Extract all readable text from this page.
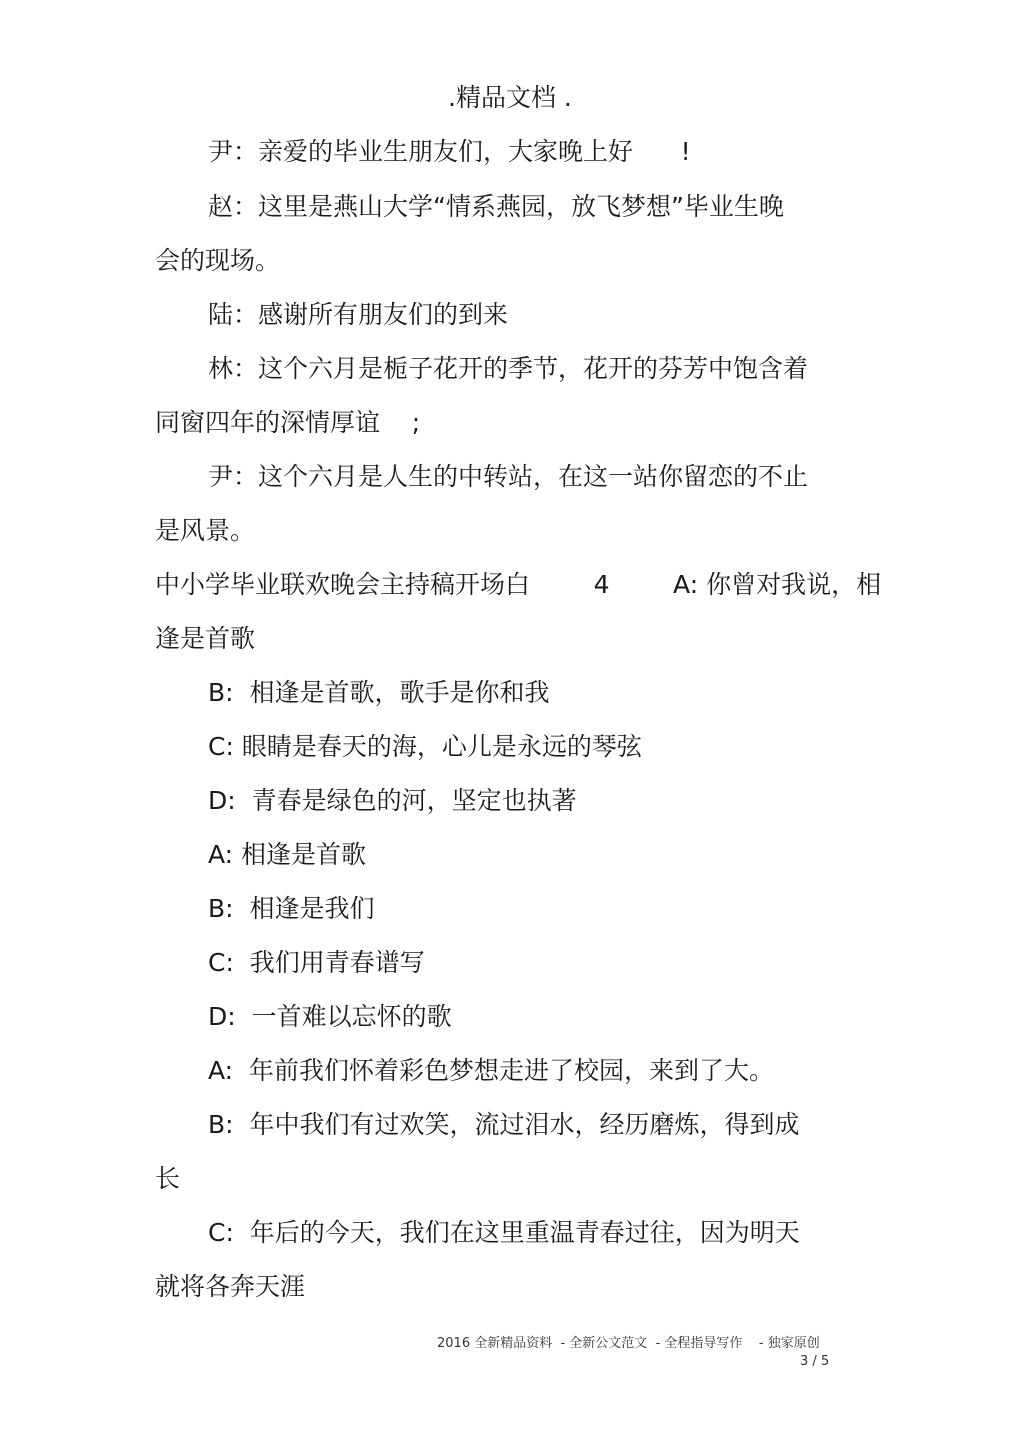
.精品文档 .
尹：亲爱的毕业生朋友们，大家晚上好      !
赵：这里是燕山大学“情系燕园，放飞梦想”毕业生晚
会的现场。
陆：感谢所有朋友们的到来
林：这个六月是栀子花开的季节，花开的芬芳中饱含着
同窗四年的深情厚谊    ;
尹：这个六月是人生的中转站，在这一站你留恋的不止
是风景。
中小学毕业联欢晚会主持稿开场白        4        A: 你曾对我说，相
逢是首歌
B:  相逢是首歌，歌手是你和我
C: 眼睛是春天的海，心儿是永远的琴弦
D:  青春是绿色的河，坚定也执著
A: 相逢是首歌
B:  相逢是我们
C:  我们用青春谱写
D:  一首难以忘怀的歌
A:  年前我们怀着彩色梦想走进了校园，来到了大。
B:  年中我们有过欢笑，流过泪水，经历磨炼，得到成
长
C:  年后的今天，我们在这里重温青春过往，因为明天
就将各奔天涯
2016 全新精品资料  - 全新公文范文  - 全程指导写作    - 独家原创
3 / 5
